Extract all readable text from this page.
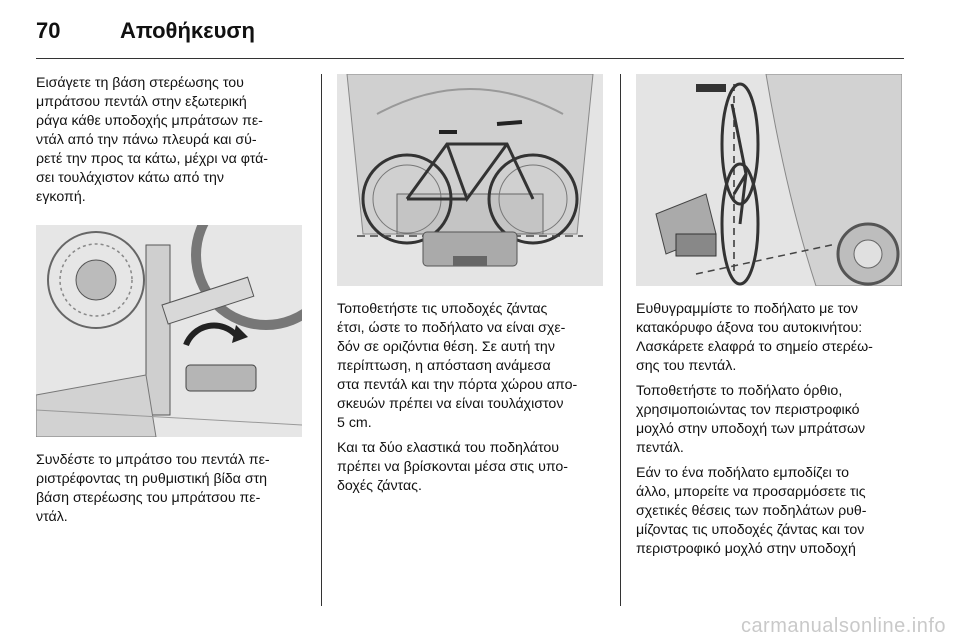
70	Αποθήκευση
Εισάγετε τη βάση στερέωσης του
μπράτσου πεντάλ στην εξωτερική
ράγα κάθε υποδοχής μπράτσων πε-
ντάλ από την πάνω πλευρά και σύ-
ρετέ την προς τα κάτω, μέχρι να φτά-
σει τουλάχιστον κάτω από την
εγκοπή.
Συνδέστε το μπράτσο του πεντάλ πε-
ριστρέφοντας τη ρυθμιστική βίδα στη
βάση στερέωσης του μπράτσου πε-
ντάλ.
Τοποθετήστε τις υποδοχές ζάντας
έτσι, ώστε το ποδήλατο να είναι σχε-
δόν σε οριζόντια θέση. Σε αυτή την
περίπτωση, η απόσταση ανάμεσα
στα πεντάλ και την πόρτα χώρου απο-
σκευών πρέπει να είναι τουλάχιστον
5 cm.
Και τα δύο ελαστικά του ποδηλάτου
πρέπει να βρίσκονται μέσα στις υπο-
δοχές ζάντας.
Ευθυγραμμίστε το ποδήλατο με τον
κατακόρυφο άξονα του αυτοκινήτου:
Λασκάρετε ελαφρά το σημείο στερέω-
σης του πεντάλ.
Τοποθετήστε το ποδήλατο όρθιο,
χρησιμοποιώντας τον περιστροφικό
μοχλό στην υποδοχή των μπράτσων
πεντάλ.
Εάν το ένα ποδήλατο εμποδίζει το
άλλο, μπορείτε να προσαρμόσετε τις
σχετικές θέσεις των ποδηλάτων ρυθ-
μίζοντας τις υποδοχές ζάντας και τον
περιστροφικό μοχλό στην υποδοχή
carmanualsonline.info
